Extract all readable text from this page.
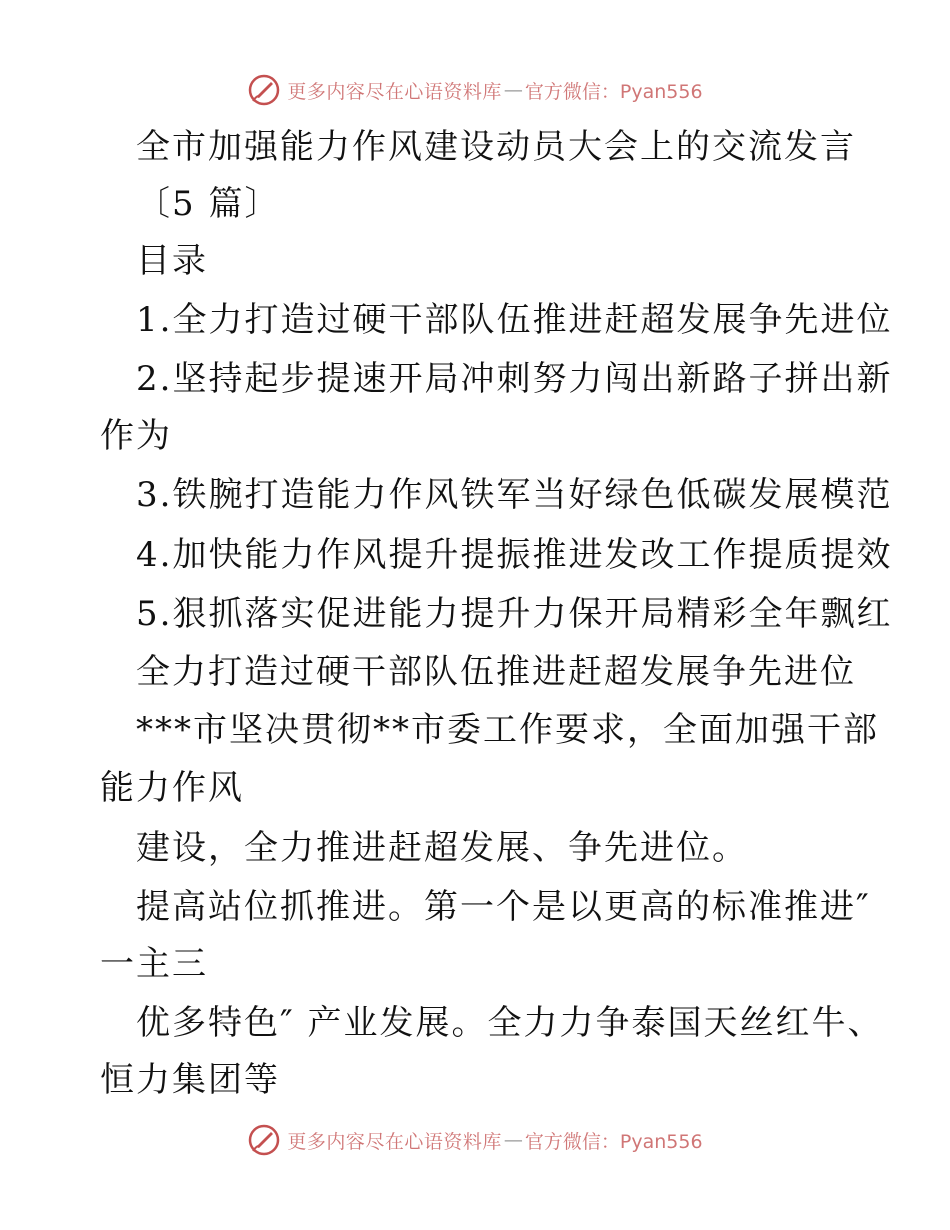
更多内容尽在心语资料库 — 官方微信：Pyan556
全市加强能力作风建设动员大会上的交流发言
〔5 篇〕
目录
1.全力打造过硬干部队伍推进赶超发展争先进位
2.坚持起步提速开局冲刺努力闯出新路子拼出新
作为
3.铁腕打造能力作风铁军当好绿色低碳发展模范
4.加快能力作风提升提振推进发改工作提质提效
5.狠抓落实促进能力提升力保开局精彩全年飘红
全力打造过硬干部队伍推进赶超发展争先进位
***市坚决贯彻**市委工作要求，全面加强干部
能力作风
建设，全力推进赶超发展、争先进位。
提高站位抓推进。第一个是以更高的标准推进″
一主三
优多特色″ 产业发展。全力力争泰国天丝红牛、
恒力集团等
更多内容尽在心语资料库 — 官方微信：Pyan556
